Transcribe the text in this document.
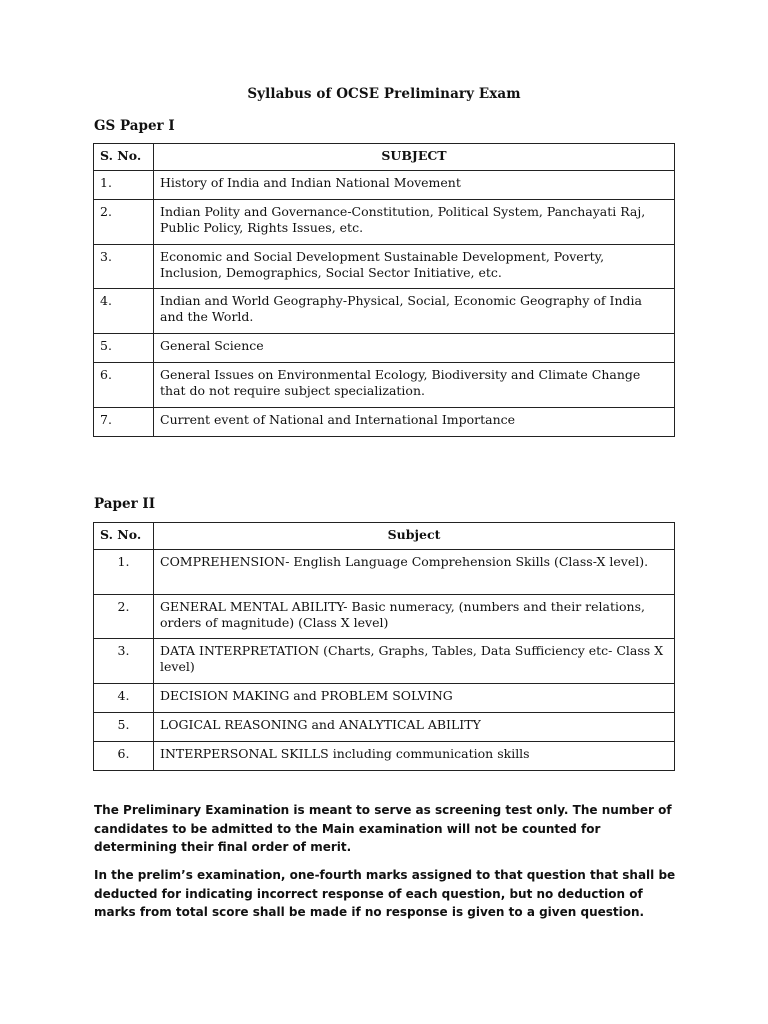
Syllabus of OCSE Preliminary Exam
GS Paper I
S. No.	SUBJECT
1.	History of India and Indian National Movement
2.	Indian Polity and Governance-Constitution, Political System, Panchayati Raj, Public Policy, Rights Issues, etc.
3.	Economic and Social Development Sustainable Development, Poverty, Inclusion, Demographics, Social Sector Initiative, etc.
4.	Indian and World Geography-Physical, Social, Economic Geography of India and the World.
5.	General Science
6.	General Issues on Environmental Ecology, Biodiversity and Climate Change that do not require subject specialization.
7.	Current event of National and International Importance
Paper II
S. No.	Subject
1.	COMPREHENSION- English Language Comprehension Skills (Class-X level).
2.	GENERAL MENTAL ABILITY- Basic numeracy, (numbers and their relations, orders of magnitude) (Class X level)
3.	DATA INTERPRETATION (Charts, Graphs, Tables, Data Sufficiency etc- Class X level)
4.	DECISION MAKING and PROBLEM SOLVING
5.	LOGICAL REASONING and ANALYTICAL ABILITY
6.	INTERPERSONAL SKILLS including communication skills
The Preliminary Examination is meant to serve as screening test only. The number of candidates to be admitted to the Main examination will not be counted for determining their final order of merit.
In the prelim’s examination, one-fourth marks assigned to that question that shall be deducted for indicating incorrect response of each question, but no deduction of marks from total score shall be made if no response is given to a given question.
